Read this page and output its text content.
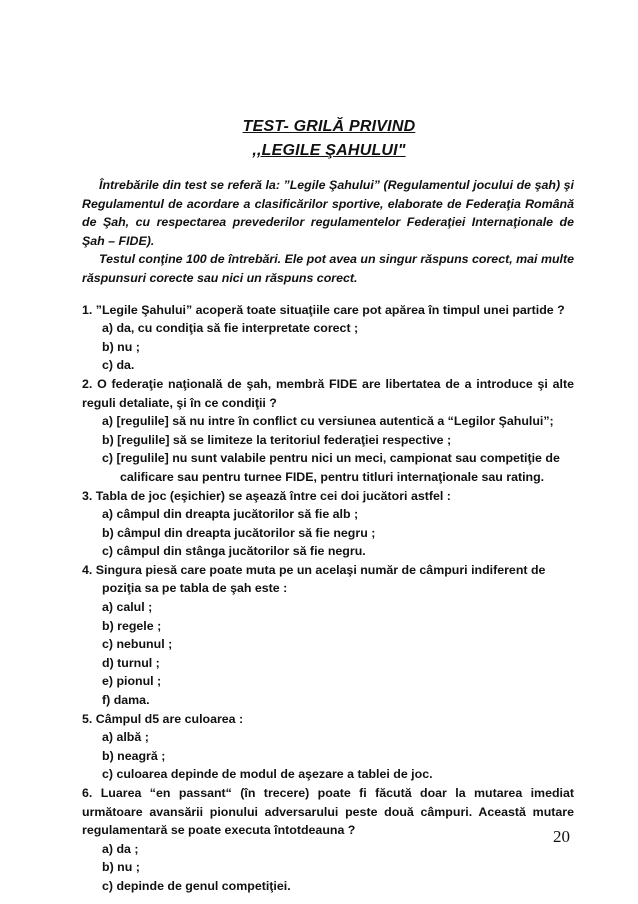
TEST- GRILĂ PRIVIND
,,LEGILE ŞAHULUI"

Întrebările din test se referă la: ”Legile Şahului” (Regulamentul jocului de şah) şi Regulamentul de acordare a clasificărilor sportive, elaborate de Federaţia Română de Şah, cu respectarea prevederilor regulamentelor Federaţiei Internaţionale de Şah – FIDE).

Testul conţine 100 de întrebări. Ele pot avea un singur răspuns corect, mai multe răspunsuri corecte sau nici un răspuns corect.

1. ”Legile Şahului” acoperă toate situaţiile care pot apărea în timpul unei partide ?

a) da, cu condiţia să fie interpretate corect ;

b) nu ;

c) da.

2. O federaţie naţională de şah, membră FIDE are libertatea de a introduce şi alte reguli detaliate, şi în ce condiţii ?

a) [regulile] să nu intre în conflict cu versiunea autentică a “Legilor Şahului”;

b) [regulile] să se limiteze la teritoriul federaţiei respective ;

c) [regulile] nu sunt valabile pentru nici un meci, campionat sau competiţie de

calificare sau pentru turneе FIDE, pentru titluri internaţionale sau rating.

3. Tabla de joc (eşichier) se aşează între cei doi jucători astfel :

a) câmpul din dreapta jucătorilor să fie alb ;

b) câmpul din dreapta jucătorilor să fie negru ;

c) câmpul din stânga jucătorilor să fie negru.

4. Singura piesă care poate muta pe un acelaşi număr de câmpuri indiferent de

poziţia sa pe tabla de şah este :

a) calul ;

b) regele ;

c) nebunul ;

d) turnul ;

e) pionul ;

f) dama.

5. Câmpul d5 are culoarea :

a) albă ;

b) neagră ;

c) culoarea depinde de modul de aşezare a tablei de joc.

6. Luarea “en passant“ (în trecere) poate fi făcută doar la mutarea imediat următoare avansării pionului adversarului peste două câmpuri. Această mutare regulamentară se poate executa întotdeauna ?

a) da ;

b) nu ;

c) depinde de genul competiţiei.

20
